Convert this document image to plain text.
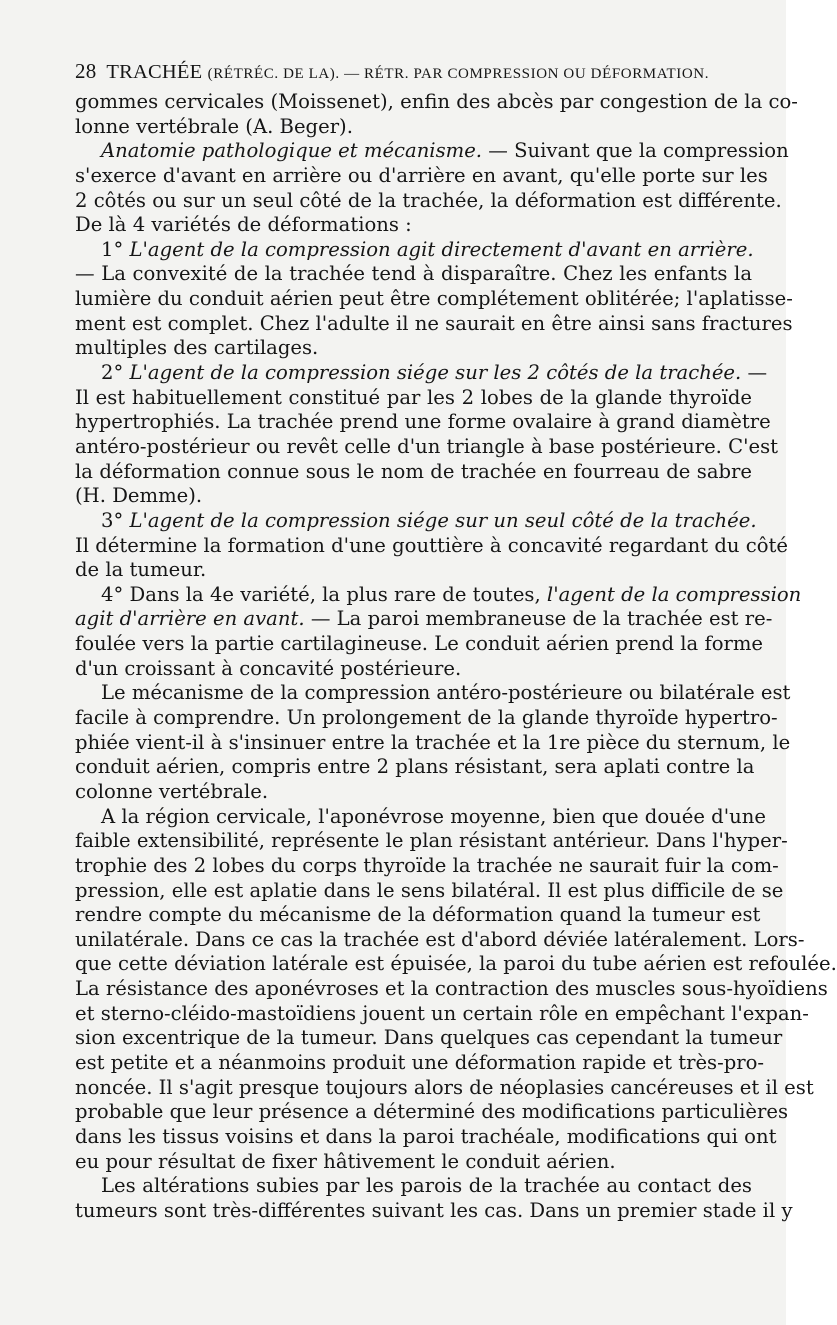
28 TRACHÉE (RÉTRÉC. DE LA). — RÉTR. PAR COMPRESSION OU DÉFORMATION.
gommes cervicales (Moissenet), enfin des abcès par congestion de la co-
lonne vertébrale (A. Beger).
Anatomie pathologique et mécanisme. — Suivant que la compression
s'exerce d'avant en arrière ou d'arrière en avant, qu'elle porte sur les
2 côtés ou sur un seul côté de la trachée, la déformation est différente.
De là 4 variétés de déformations :
1° L'agent de la compression agit directement d'avant en arrière.
— La convexité de la trachée tend à disparaître. Chez les enfants la
lumière du conduit aérien peut être complétement oblitérée; l'aplatisse-
ment est complet. Chez l'adulte il ne saurait en être ainsi sans fractures
multiples des cartilages.
2° L'agent de la compression siége sur les 2 côtés de la trachée. —
Il est habituellement constitué par les 2 lobes de la glande thyroïde
hypertrophiés. La trachée prend une forme ovalaire à grand diamètre
antéro-postérieur ou revêt celle d'un triangle à base postérieure. C'est
la déformation connue sous le nom de trachée en fourreau de sabre
(H. Demme).
3° L'agent de la compression siége sur un seul côté de la trachée.
Il détermine la formation d'une gouttière à concavité regardant du côté
de la tumeur.
4° Dans la 4e variété, la plus rare de toutes, l'agent de la compression
agit d'arrière en avant. — La paroi membraneuse de la trachée est re-
foulée vers la partie cartilagineuse. Le conduit aérien prend la forme
d'un croissant à concavité postérieure.
Le mécanisme de la compression antéro-postérieure ou bilatérale est
facile à comprendre. Un prolongement de la glande thyroïde hypertro-
phiée vient-il à s'insinuer entre la trachée et la 1re pièce du sternum, le
conduit aérien, compris entre 2 plans résistant, sera aplati contre la
colonne vertébrale.
A la région cervicale, l'aponévrose moyenne, bien que douée d'une
faible extensibilité, représente le plan résistant antérieur. Dans l'hyper-
trophie des 2 lobes du corps thyroïde la trachée ne saurait fuir la com-
pression, elle est aplatie dans le sens bilatéral. Il est plus difficile de se
rendre compte du mécanisme de la déformation quand la tumeur est
unilatérale. Dans ce cas la trachée est d'abord déviée latéralement. Lors-
que cette déviation latérale est épuisée, la paroi du tube aérien est refoulée.
La résistance des aponévroses et la contraction des muscles sous-hyoïdiens
et sterno-cléido-mastoïdiens jouent un certain rôle en empêchant l'expan-
sion excentrique de la tumeur. Dans quelques cas cependant la tumeur
est petite et a néanmoins produit une déformation rapide et très-pro-
noncée. Il s'agit presque toujours alors de néoplasies cancéreuses et il est
probable que leur présence a déterminé des modifications particulières
dans les tissus voisins et dans la paroi trachéale, modifications qui ont
eu pour résultat de fixer hâtivement le conduit aérien.
Les altérations subies par les parois de la trachée au contact des
tumeurs sont très-différentes suivant les cas. Dans un premier stade il y
